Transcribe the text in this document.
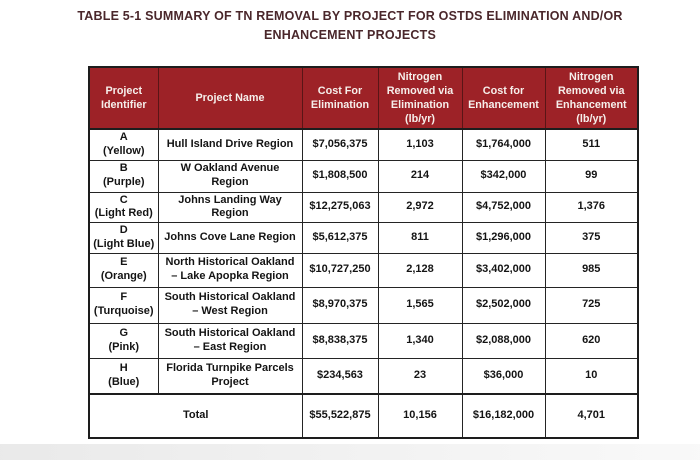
TABLE 5-1 SUMMARY OF TN REMOVAL BY PROJECT FOR OSTDS ELIMINATION AND/OR
ENHANCEMENT PROJECTS
Project Identifier	Project Name	Cost For Elimination	Nitrogen Removed via Elimination (lb/yr)	Cost for Enhancement	Nitrogen Removed via Enhancement (lb/yr)

A
(Yellow)	Hull Island Drive Region	$7,056,375	1,103	$1,764,000	511

B
(Purple)	W Oakland Avenue Region	$1,808,500	214	$342,000	99

C
(Light Red)	Johns Landing Way Region	$12,275,063	2,972	$4,752,000	1,376

D
(Light Blue)	Johns Cove Lane Region	$5,612,375	811	$1,296,000	375

E
(Orange)	North Historical Oakland – Lake Apopka Region	$10,727,250	2,128	$3,402,000	985

F
(Turquoise)	South Historical Oakland – West Region	$8,970,375	1,565	$2,502,000	725

G
(Pink)	South Historical Oakland – East Region	$8,838,375	1,340	$2,088,000	620

H
(Blue)	Florida Turnpike Parcels Project	$234,563	23	$36,000	10
Total		$55,522,875	10,156	$16,182,000	4,701
